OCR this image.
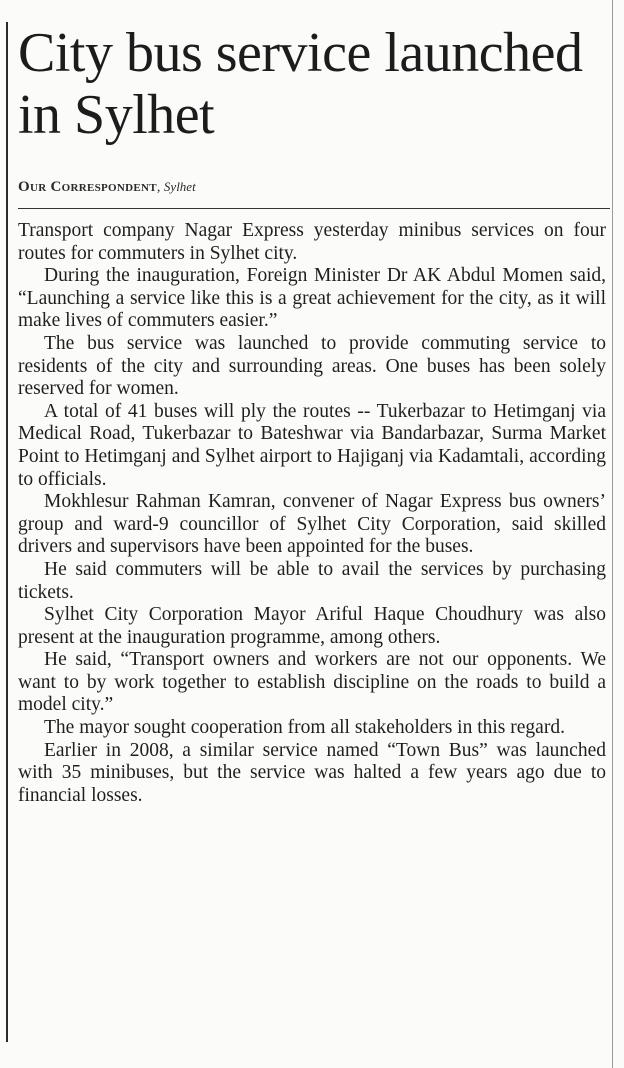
City bus service launched in Sylhet
Our Correspondent, Sylhet

Transport company Nagar Express yesterday minibus services on four routes for commuters in Sylhet city.

During the inauguration, Foreign Minister Dr AK Abdul Momen said, “Launching a service like this is a great achievement for the city, as it will make lives of commuters easier.”

The bus service was launched to provide commuting service to residents of the city and surrounding areas. One buses has been solely reserved for women.

A total of 41 buses will ply the routes -- Tukerbazar to Hetimganj via Medical Road, Tukerbazar to Bateshwar via Bandarbazar, Surma Market Point to Hetimganj and Sylhet airport to Hajiganj via Kadamtali, according to officials.

Mokhlesur Rahman Kamran, convener of Nagar Express bus owners’ group and ward-9 councillor of Sylhet City Corporation, said skilled drivers and supervisors have been appointed for the buses.

He said commuters will be able to avail the services by purchasing tickets.

Sylhet City Corporation Mayor Ariful Haque Choudhury was also present at the inauguration programme, among others.

He said, “Transport owners and workers are not our opponents. We want to by work together to establish discipline on the roads to build a model city.”

The mayor sought cooperation from all stakeholders in this regard.

Earlier in 2008, a similar service named “Town Bus” was launched with 35 minibuses, but the service was halted a few years ago due to financial losses.
